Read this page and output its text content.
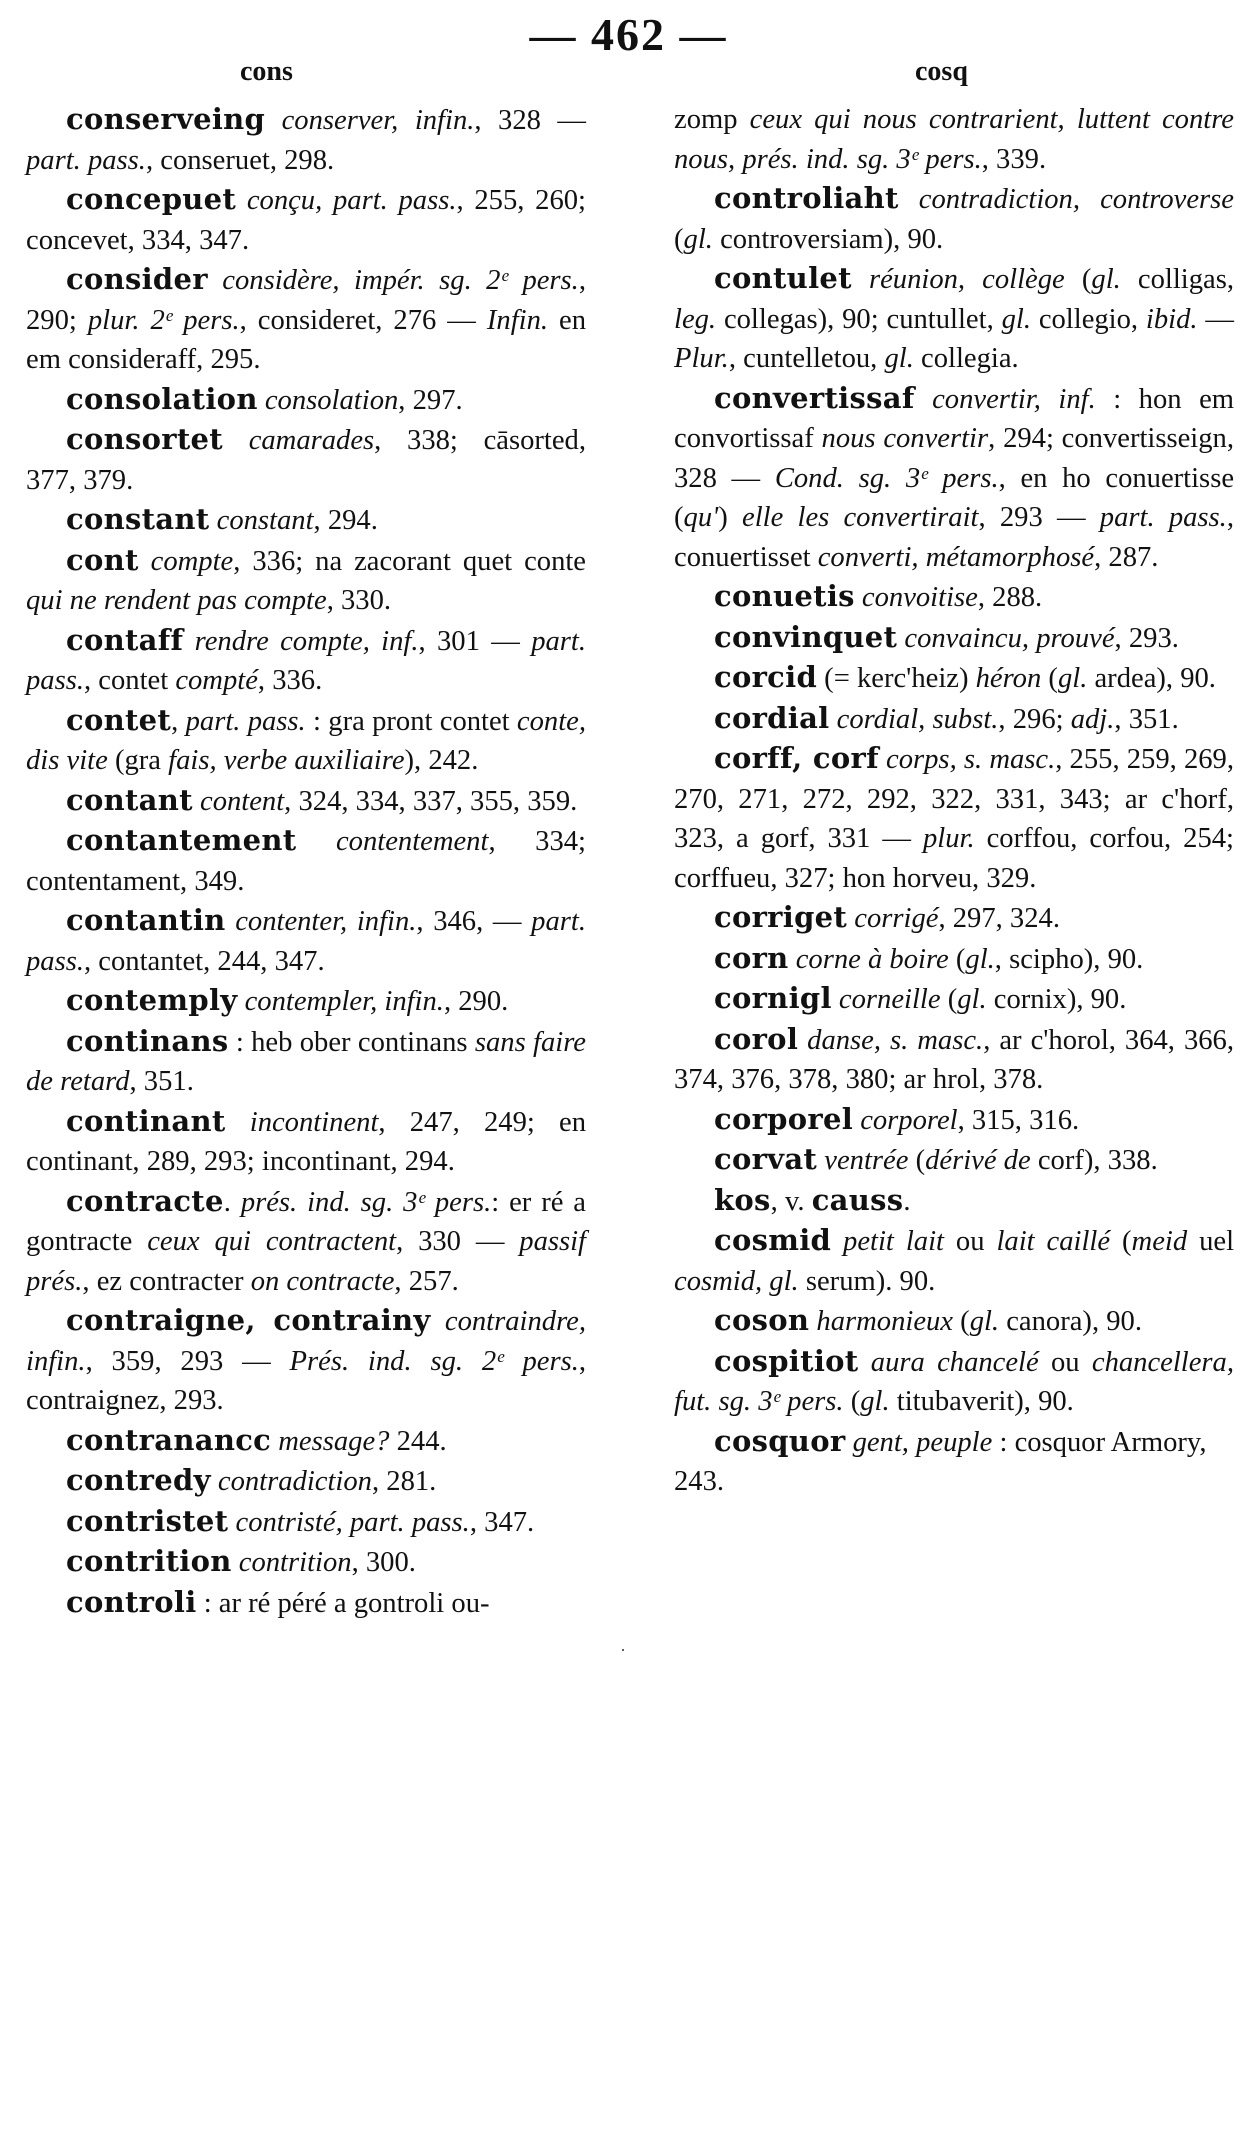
— 462 —
cons	cosq

conserveing conserver, infin., 328 — part. pass., conseruet, 298.

concepuet conçu, part. pass., 255, 260; concevet, 334, 347.

consider considère, impér. sg. 2ᵉ pers., 290; plur. 2ᵉ pers., consideret, 276 — Infin. en em consideraff, 295.

consolation consolation, 297.

consortet camarades, 338; cāsorted, 377, 379.

constant constant, 294.

cont compte, 336; na zacorant quet conte qui ne rendent pas compte, 330.

contaff rendre compte, inf., 301 — part. pass., contet compté, 336.

contet, part. pass. : gra pront contet conte, dis vite (gra fais, verbe auxiliaire), 242.

contant content, 324, 334, 337, 355, 359.

contantement contentement, 334; contentament, 349.

contantin contenter, infin., 346, — part. pass., contantet, 244, 347.

contemply contempler, infin., 290.

continans : heb ober continans sans faire de retard, 351.

continant incontinent, 247, 249; en continant, 289, 293; incontinant, 294.

contracte. prés. ind. sg. 3ᵉ pers.: er ré a gontracte ceux qui contractent, 330 — passif prés., ez contracter on contracte, 257.

contraigne, contrainy contraindre, infin., 359, 293 — Prés. ind. sg. 2ᵉ pers., contraignez, 293.

contranancc message? 244.

contredy contradiction, 281.

contristet contristé, part. pass., 347.

contrition contrition, 300.

controli : ar ré péré a gontroli ou-

zomp ceux qui nous contrarient, luttent contre nous, prés. ind. sg. 3ᵉ pers., 339.

controliaht contradiction, controverse (gl. controversiam), 90.

contulet réunion, collège (gl. colligas, leg. collegas), 90; cuntullet, gl. collegio, ibid. — Plur., cuntelletou, gl. collegia.

convertissaf convertir, inf. : hon em convortissaf nous convertir, 294; convertisseign, 328 — Cond. sg. 3ᵉ pers., en ho conuertisse (qu') elle les convertirait, 293 — part. pass., conuertisset converti, métamorphosé, 287.

conuetis convoitise, 288.

convinquet convaincu, prouvé, 293.

corcid (= kerc'heiz) héron (gl. ardea), 90.

cordial cordial, subst., 296; adj., 351.

corff, corf corps, s. masc., 255, 259, 269, 270, 271, 272, 292, 322, 331, 343; ar c'horf, 323, a gorf, 331 — plur. corffou, corfou, 254; corffueu, 327; hon horveu, 329.

corriget corrigé, 297, 324.

corn corne à boire (gl., scipho), 90.

cornigl corneille (gl. cornix), 90.

corol danse, s. masc., ar c'horol, 364, 366, 374, 376, 378, 380; ar hrol, 378.

corporel corporel, 315, 316.

corvat ventrée (dérivé de corf), 338.

kos, v. causs.

cosmid petit lait ou lait caillé (meid uel cosmid, gl. serum). 90.

coson harmonieux (gl. canora), 90.

cospitiot aura chancelé ou chancellera, fut. sg. 3ᵉ pers. (gl. titubaverit), 90.

cosquor gent, peuple : cosquor Armory, 243.

·
